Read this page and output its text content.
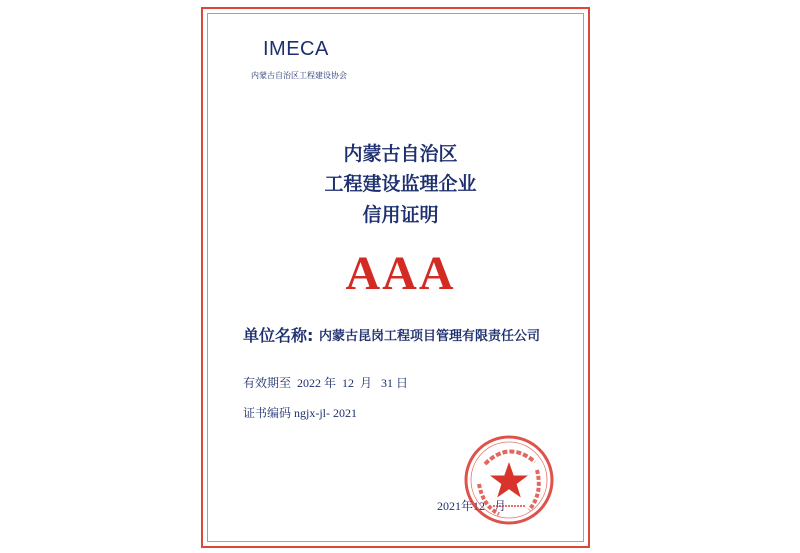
IMECA
内蒙古自治区工程建设协会
内蒙古自治区
工程建设监理企业
信用证明
AAA
单位名称: 内蒙古昆岗工程项目管理有限责任公司
有效期至 2022 年 12 月 31 日
证书编码 ngjx-jl- 2021
2021年12 月
